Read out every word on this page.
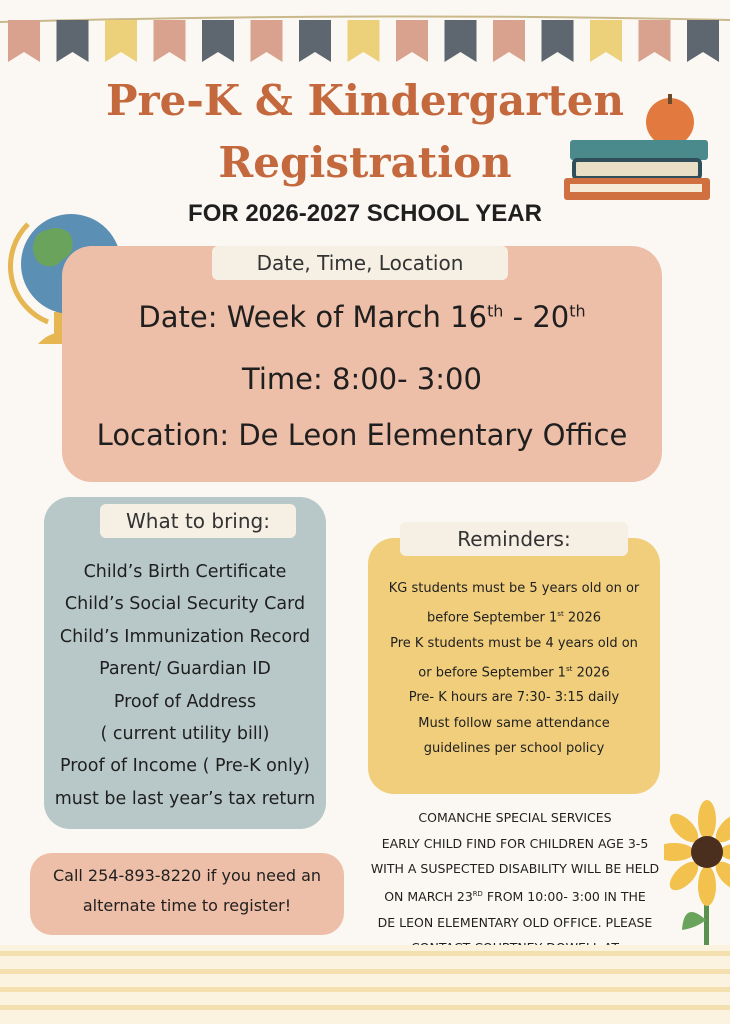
Pre-K & Kindergarten
Registration
FOR 2026-2027 SCHOOL YEAR
Date, Time, Location
Date: Week of March 16th - 20th
Time: 8:00- 3:00
Location: De Leon Elementary Office
What to bring:
Child’s Birth Certificate
Child’s Social Security Card
Child’s Immunization Record
Parent/ Guardian ID
Proof of Address
( current utility bill)
Proof of Income ( Pre-K only)
must be last year’s tax return
Reminders:
KG students must be 5 years old on or
before September 1st 2026
Pre K students must be 4 years old on
or before September 1st 2026
Pre- K hours are 7:30- 3:15 daily
Must follow same attendance
guidelines per school policy
Call 254-893-8220 if you need an
alternate time to register!
COMANCHE SPECIAL SERVICES
EARLY CHILD FIND FOR CHILDREN AGE 3-5
WITH A SUSPECTED DISABILITY WILL BE HELD
ON MARCH 23RD FROM 10:00- 3:00 IN THE
DE LEON ELEMENTARY OLD OFFICE. PLEASE
